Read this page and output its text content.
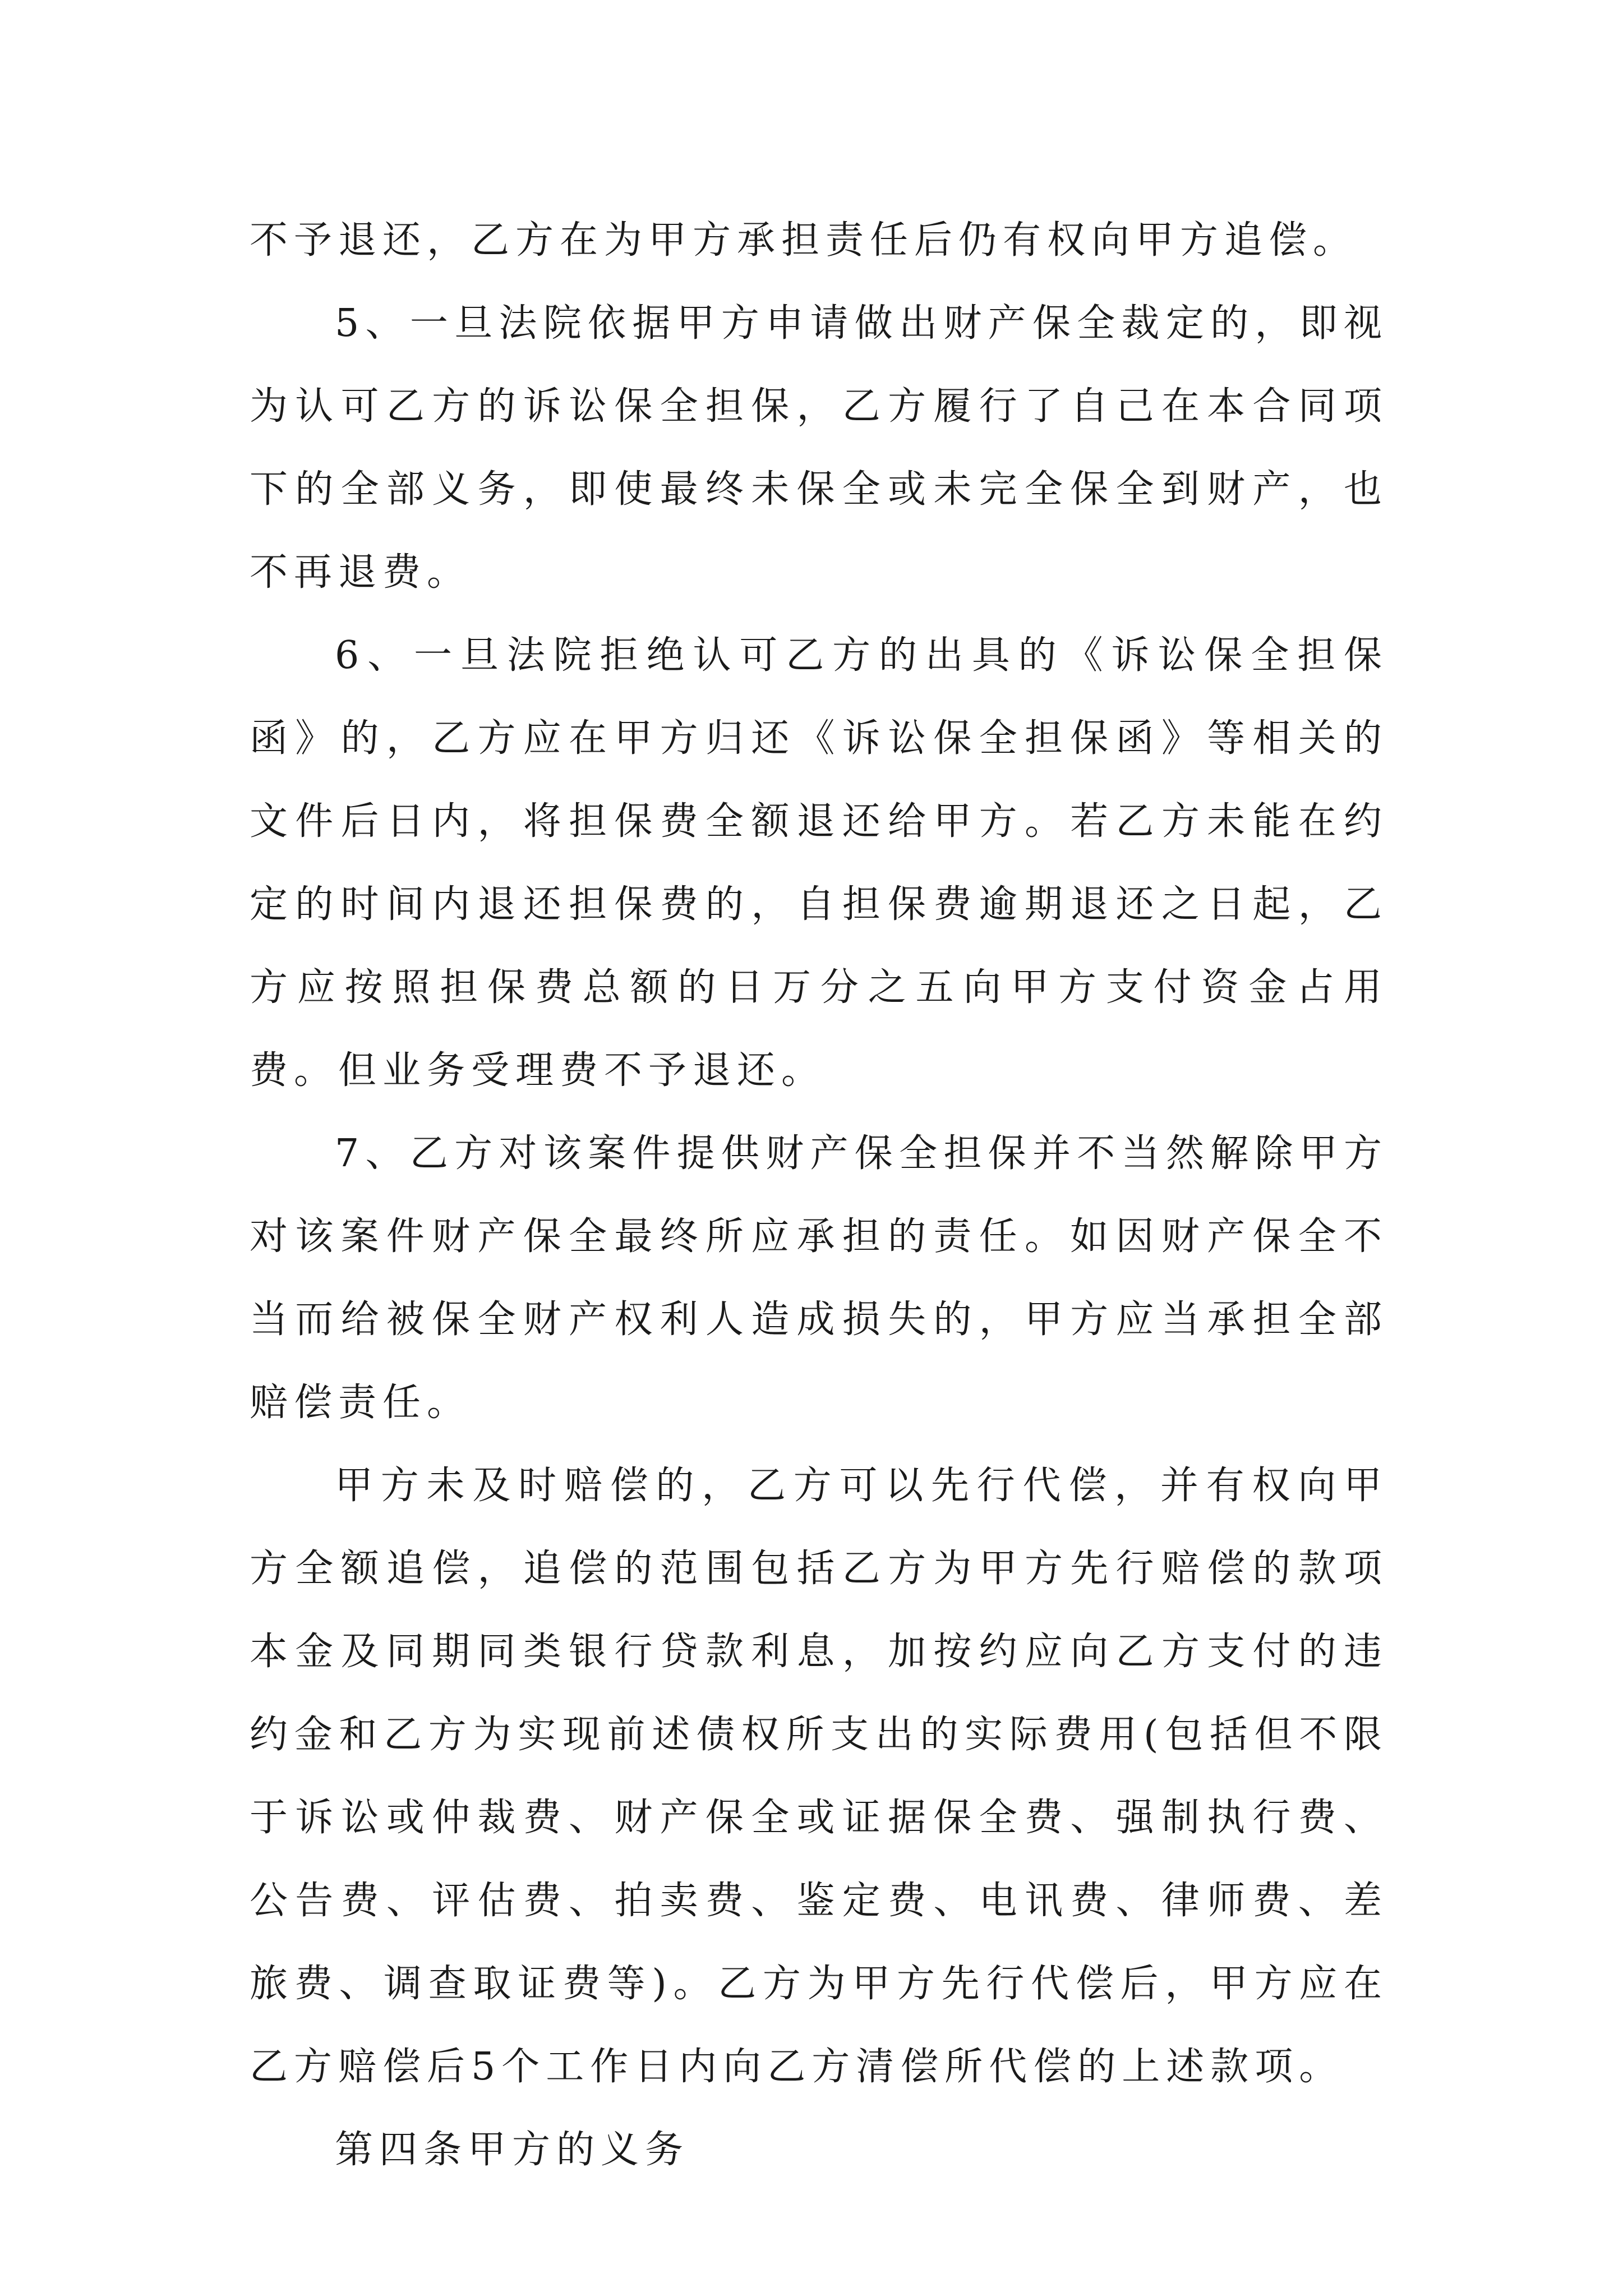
不予退还，乙方在为甲方承担责任后仍有权向甲方追偿。

5、一旦法院依据甲方申请做出财产保全裁定的，即视为认可乙方的诉讼保全担保，乙方履行了自己在本合同项下的全部义务，即使最终未保全或未完全保全到财产，也不再退费。

6、一旦法院拒绝认可乙方的出具的《诉讼保全担保函》的，乙方应在甲方归还《诉讼保全担保函》等相关的文件后日内，将担保费全额退还给甲方。若乙方未能在约定的时间内退还担保费的，自担保费逾期退还之日起，乙方应按照担保费总额的日万分之五向甲方支付资金占用费。但业务受理费不予退还。

7、乙方对该案件提供财产保全担保并不当然解除甲方对该案件财产保全最终所应承担的责任。如因财产保全不当而给被保全财产权利人造成损失的，甲方应当承担全部赔偿责任。

甲方未及时赔偿的，乙方可以先行代偿，并有权向甲方全额追偿，追偿的范围包括乙方为甲方先行赔偿的款项本金及同期同类银行贷款利息，加按约应向乙方支付的违约金和乙方为实现前述债权所支出的实际费用(包括但不限于诉讼或仲裁费、财产保全或证据保全费、强制执行费、公告费、评估费、拍卖费、鉴定费、电讯费、律师费、差旅费、调查取证费等)。乙方为甲方先行代偿后，甲方应在乙方赔偿后5个工作日内向乙方清偿所代偿的上述款项。

第四条甲方的义务
